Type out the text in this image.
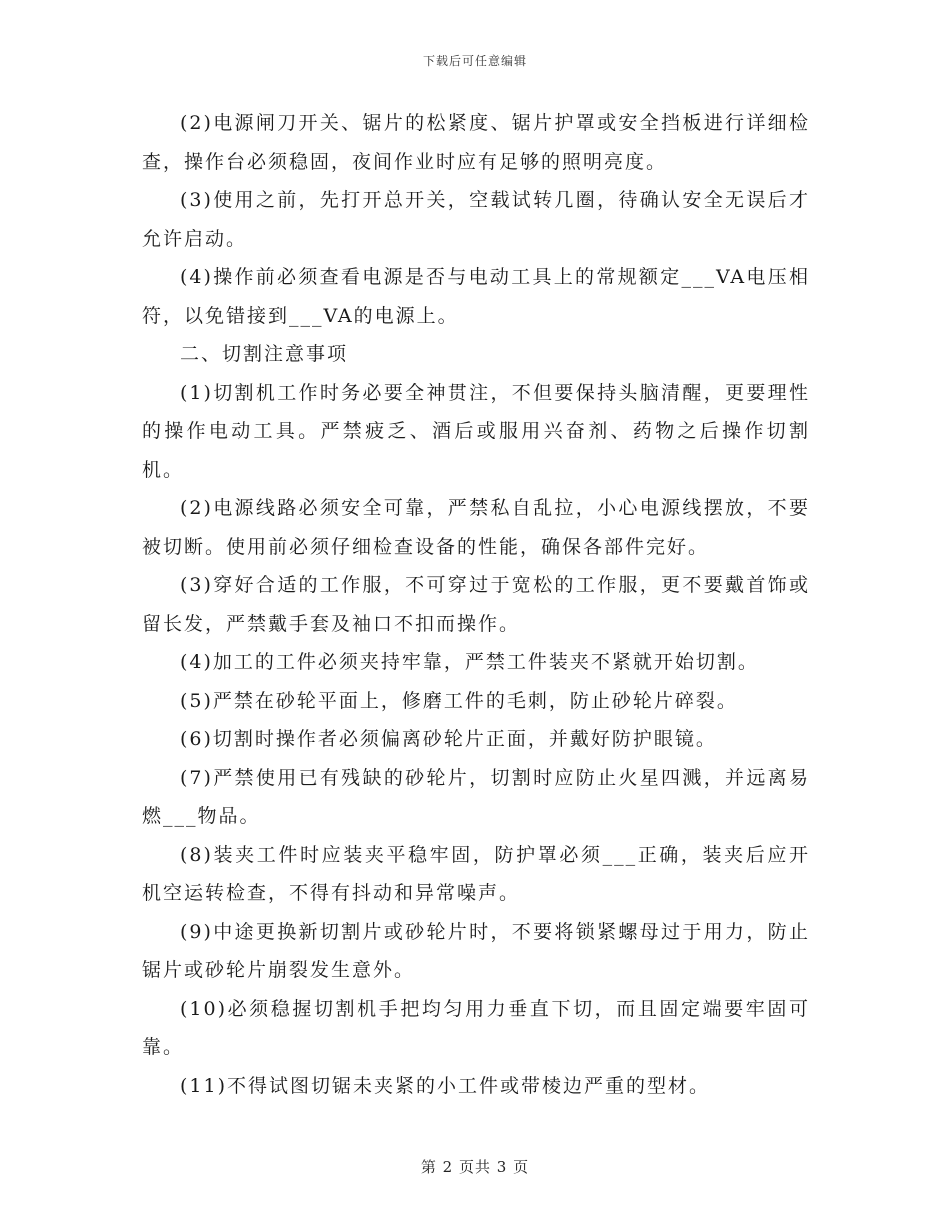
下载后可任意编辑

(2)电源闸刀开关、锯片的松紧度、锯片护罩或安全挡板进行详细检查，操作台必须稳固，夜间作业时应有足够的照明亮度。

(3)使用之前，先打开总开关，空载试转几圈，待确认安全无误后才允许启动。

(4)操作前必须查看电源是否与电动工具上的常规额定___VA电压相符，以免错接到___VA的电源上。

二、切割注意事项

(1)切割机工作时务必要全神贯注，不但要保持头脑清醒，更要理性的操作电动工具。严禁疲乏、酒后或服用兴奋剂、药物之后操作切割机。

(2)电源线路必须安全可靠，严禁私自乱拉，小心电源线摆放，不要被切断。使用前必须仔细检查设备的性能，确保各部件完好。

(3)穿好合适的工作服，不可穿过于宽松的工作服，更不要戴首饰或留长发，严禁戴手套及袖口不扣而操作。

(4)加工的工件必须夹持牢靠，严禁工件装夹不紧就开始切割。

(5)严禁在砂轮平面上，修磨工件的毛刺，防止砂轮片碎裂。

(6)切割时操作者必须偏离砂轮片正面，并戴好防护眼镜。

(7)严禁使用已有残缺的砂轮片，切割时应防止火星四溅，并远离易燃___物品。

(8)装夹工件时应装夹平稳牢固，防护罩必须___正确，装夹后应开机空运转检查，不得有抖动和异常噪声。

(9)中途更换新切割片或砂轮片时，不要将锁紧螺母过于用力，防止锯片或砂轮片崩裂发生意外。

(10)必须稳握切割机手把均匀用力垂直下切，而且固定端要牢固可靠。

(11)不得试图切锯未夹紧的小工件或带棱边严重的型材。

第 2 页共 3 页
